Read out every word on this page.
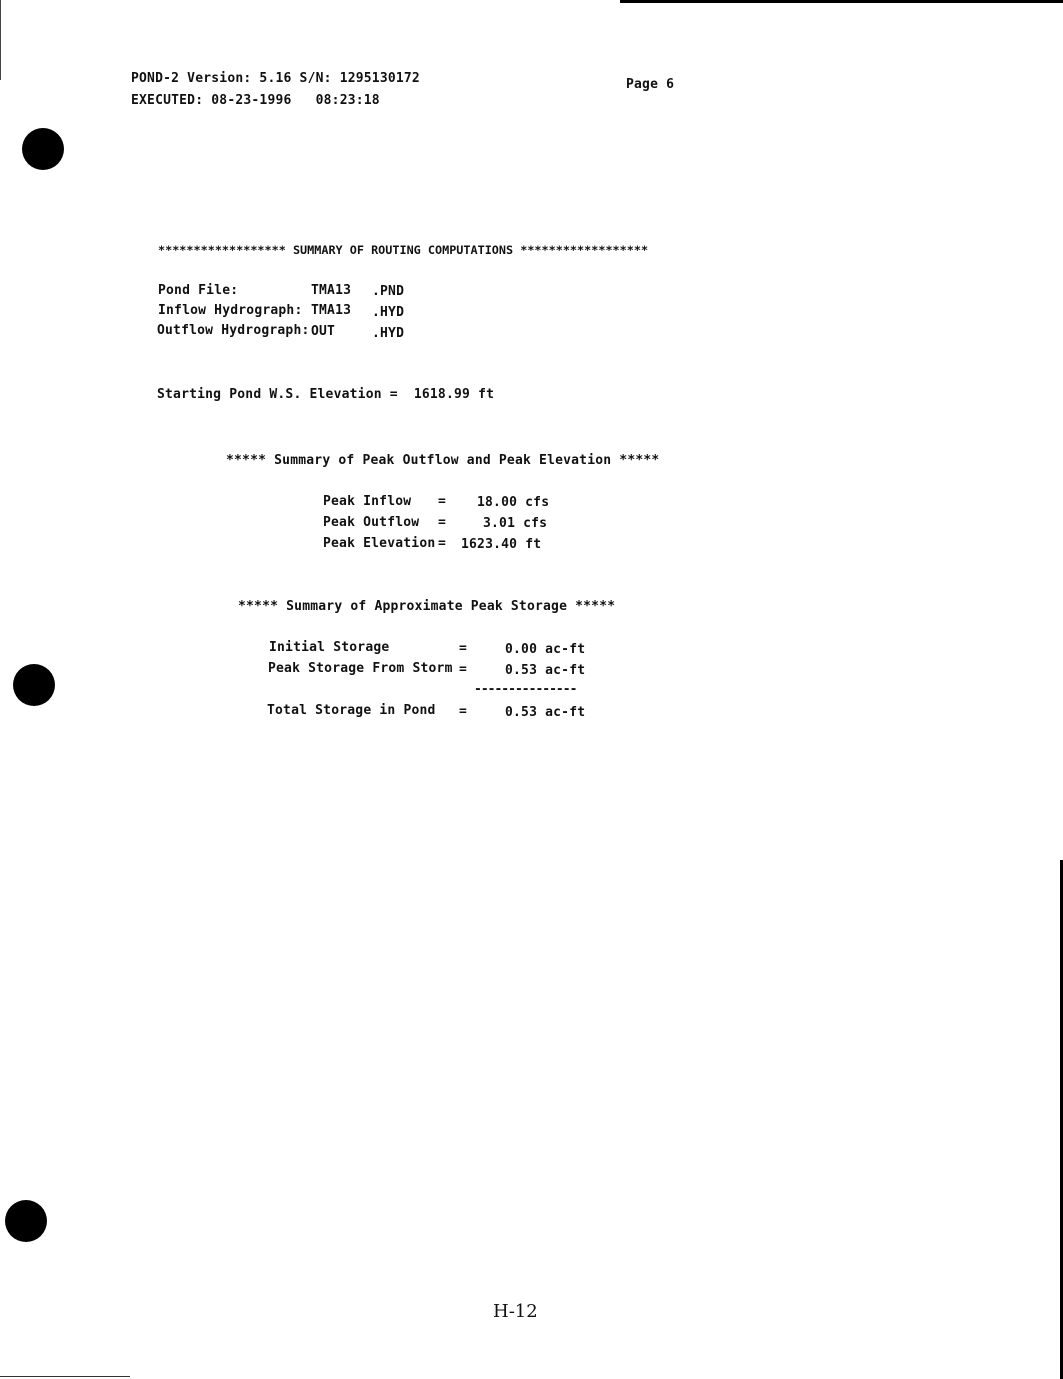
POND-2 Version: 5.16 S/N: 1295130172
EXECUTED: 08-23-1996   08:23:18
Page 6
****************** SUMMARY OF ROUTING COMPUTATIONS ******************
Pond File:	TMA13 .PND
Inflow Hydrograph: TMA13 .HYD
Outflow Hydrograph: OUT	.HYD
Starting Pond W.S. Elevation =  1618.99 ft
***** Summary of Peak Outflow and Peak Elevation *****
Peak Inflow = 18.00 cfs
Peak Outflow =	3.01 cfs
Peak Elevation = 1623.40 ft
***** Summary of Approximate Peak Storage *****
Initial Storage	=	0.00 ac-ft
Peak Storage From Storm =	0.53 ac-ft
---------------
Total Storage in Pond =	0.53 ac-ft
H-12
